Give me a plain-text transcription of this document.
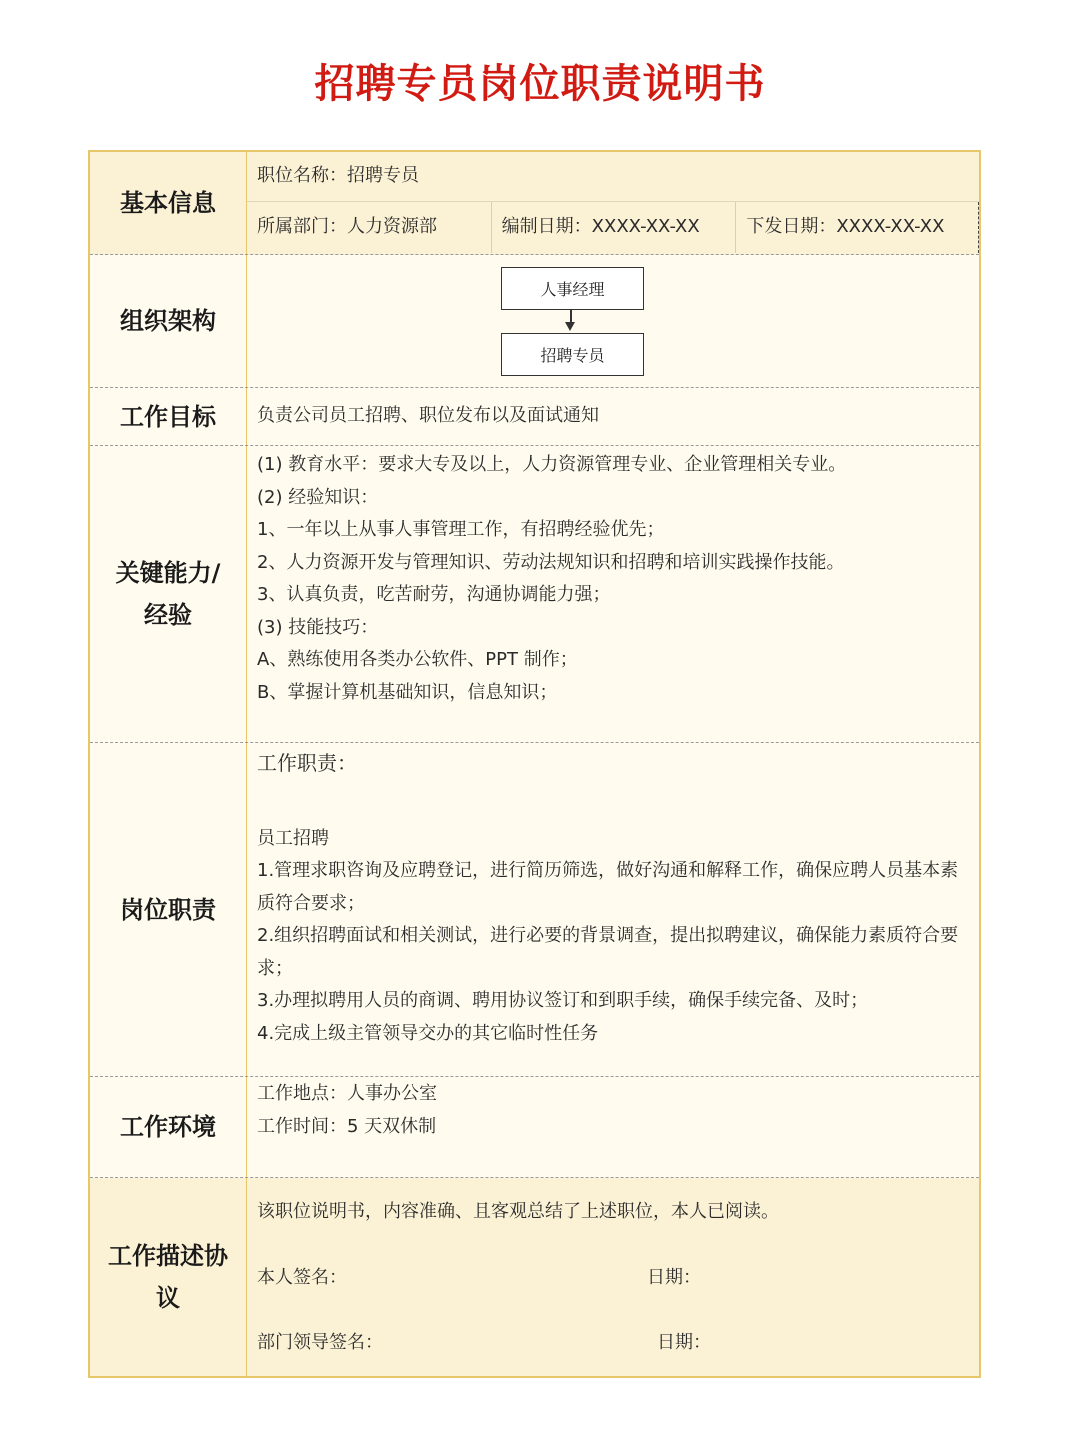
招聘专员岗位职责说明书
基本信息
职位名称：招聘专员
所属部门：人力资源部	编制日期：XXXX-XX-XX	下发日期：XXXX-XX-XX
组织架构
人事经理
招聘专员
工作目标	负责公司员工招聘、职位发布以及面试通知
关键能力/
经验
(1) 教育水平：要求大专及以上，人力资源管理专业、企业管理相关专业。
(2) 经验知识：
1、一年以上从事人事管理工作，有招聘经验优先；
2、人力资源开发与管理知识、劳动法规知识和招聘和培训实践操作技能。
3、认真负责，吃苦耐劳，沟通协调能力强；
(3) 技能技巧：
A、熟练使用各类办公软件、PPT 制作；
B、掌握计算机基础知识，信息知识；
岗位职责
工作职责：
员工招聘
1.管理求职咨询及应聘登记，进行简历筛选，做好沟通和解释工作，确保应聘人员基本素质符合要求；
2.组织招聘面试和相关测试，进行必要的背景调查，提出拟聘建议，确保能力素质符合要求；
3.办理拟聘用人员的商调、聘用协议签订和到职手续，确保手续完备、及时；
4.完成上级主管领导交办的其它临时性任务
工作环境
工作地点：人事办公室
工作时间：5 天双休制
工作描述协议
该职位说明书，内容准确、且客观总结了上述职位，本人已阅读。
本人签名：	日期：
部门领导签名：	日期：
